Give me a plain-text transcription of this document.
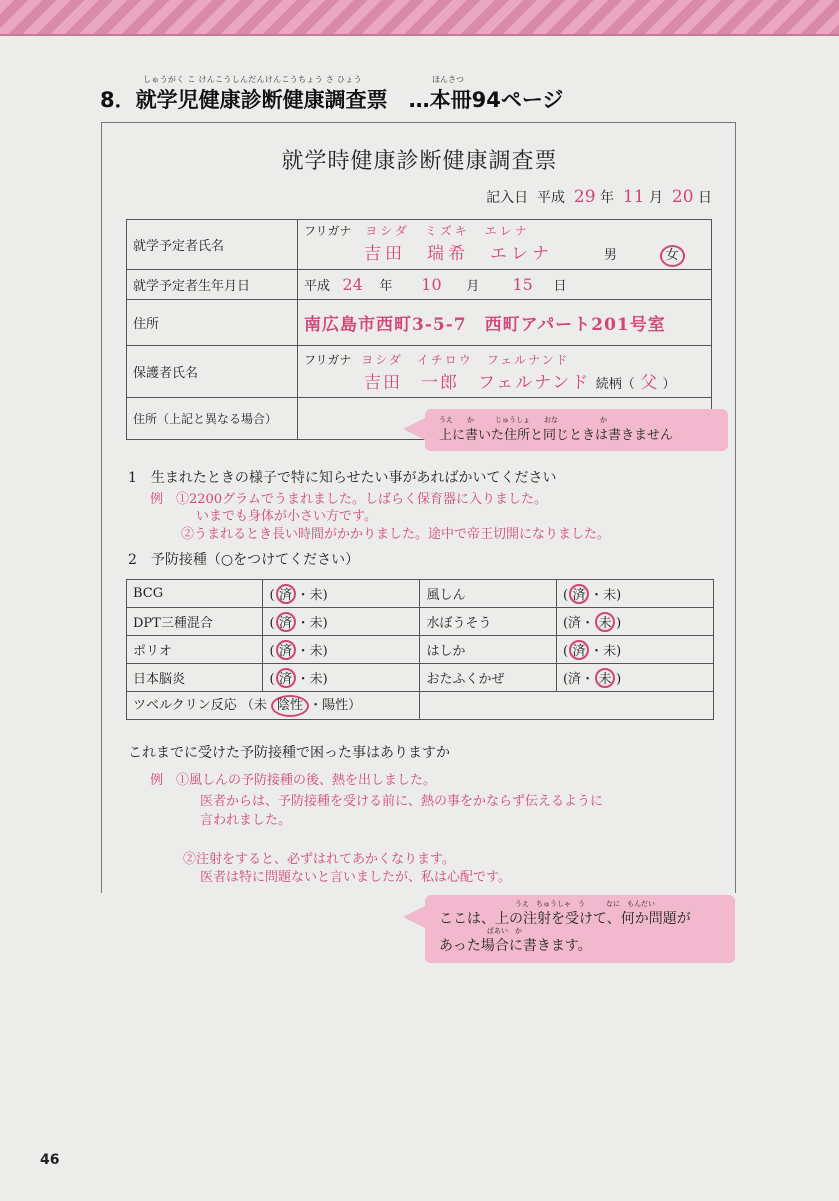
しゅうがく こ けんこうしんだんけんこうちょう さ ひょう	ほんさつ
8．就学児健康診断健康調査票　…本冊94ページ
就学時健康診断健康調査票
記入日 平成 29 年 11 月 20 日
就学予定者氏名	フリガナ ヨシダ　ミズキ　エレナ
吉田　瑞希　エレナ 男 女

就学予定者生年月日	平成 24 年 10 月 15 日
住所	南広島市西町3-5-7　西町アパート201号室
保護者氏名	フリガナ ヨシダ　イチロウ　フェルナンド
吉田　一郎　フェルナンド 続柄（ 父 ）

住所（上記と異なる場合）		うえ　　か　　　じゅうしょ　　おな　　　　　　か
上に書いた住所と同じときは書きません
1　生まれたときの様子で特に知らせたい事があればかいてください
例　①2200グラムでうまれました。しばらく保育器に入りました。
いまでも身体が小さい方です。
②うまれるとき長い時間がかかりました。途中で帝王切開になりました。
2　予防接種（○をつけてください）
BCG	( 済 ・未)	風しん	( 済 ・未)
DPT三種混合	( 済 ・未)	水ぼうそう	(済・ 未 )
ポリオ	( 済 ・未)	はしか	( 済 ・未)
日本脳炎	( 済 ・未)	おたふくかぜ	(済・ 未 )
ツベルクリン反応 （未 陰性 ・陽性）			
これまでに受けた予防接種で困った事はありますか
例　①風しんの予防接種の後、熱を出しました。
医者からは、予防接種を受ける前に、熱の事をかならず伝えるように
言われました。
②注射をすると、必ずはれてあかくなります。
医者は特に問題ないと言いましたが、私は心配です。
うえ　ちゅうしゃ　う　　　なに　もんだい
ここは、上の注射を受けて、何か問題が
ばあい　か
あった場合に書きます。
46
